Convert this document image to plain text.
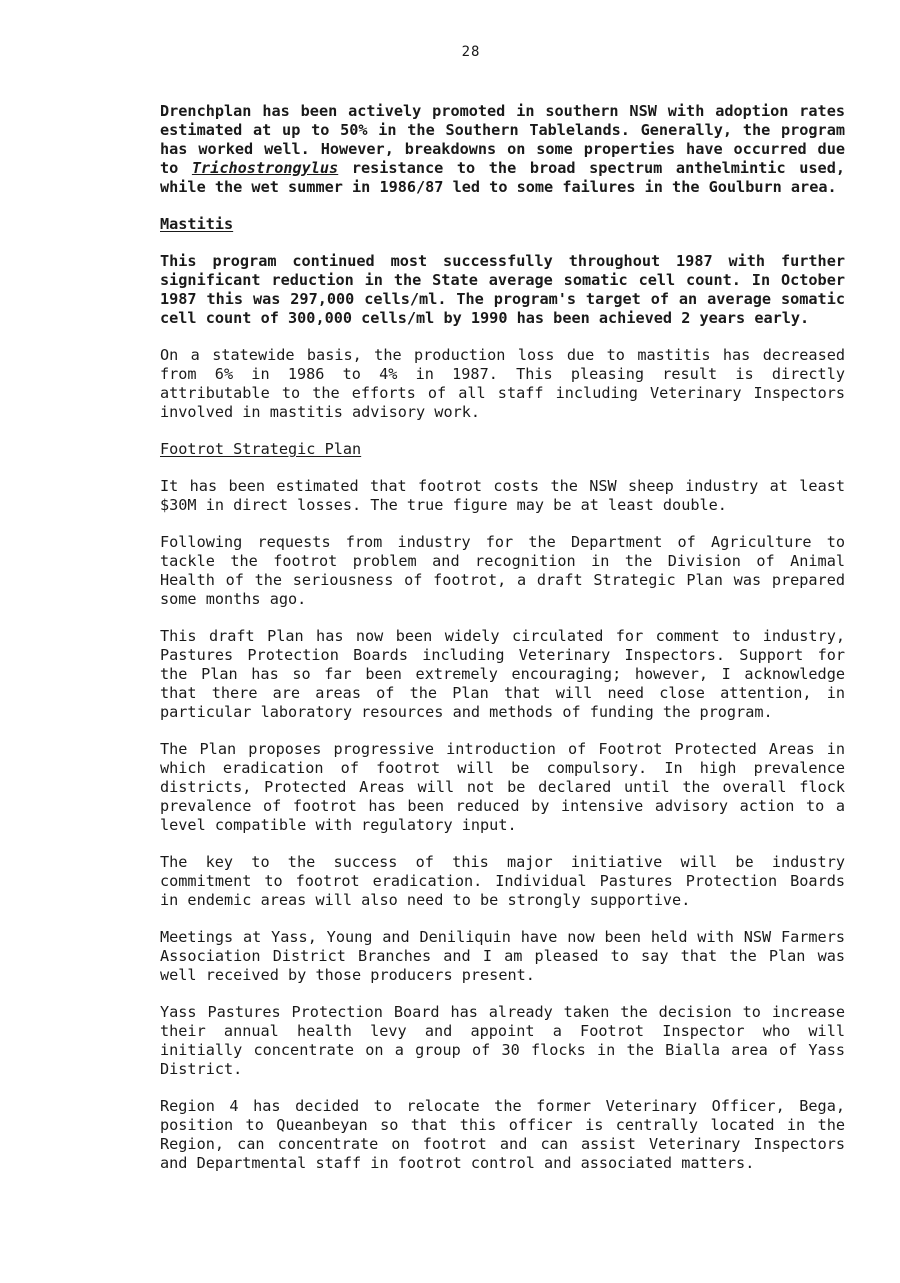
28

Drenchplan has been actively promoted in southern NSW with adoption rates estimated at up to 50% in the Southern Tablelands. Generally, the program has worked well. However, breakdowns on some properties have occurred due to Trichostrongylus resistance to the broad spectrum anthelmintic used, while the wet summer in 1986/87 led to some failures in the Goulburn area.

Mastitis

This program continued most successfully throughout 1987 with further significant reduction in the State average somatic cell count. In October 1987 this was 297,000 cells/ml. The program's target of an average somatic cell count of 300,000 cells/ml by 1990 has been achieved 2 years early.

On a statewide basis, the production loss due to mastitis has decreased from 6% in 1986 to 4% in 1987. This pleasing result is directly attributable to the efforts of all staff including Veterinary Inspectors involved in mastitis advisory work.

Footrot Strategic Plan

It has been estimated that footrot costs the NSW sheep industry at least $30M in direct losses. The true figure may be at least double.

Following requests from industry for the Department of Agriculture to tackle the footrot problem and recognition in the Division of Animal Health of the seriousness of footrot, a draft Strategic Plan was prepared some months ago.

This draft Plan has now been widely circulated for comment to industry, Pastures Protection Boards including Veterinary Inspectors. Support for the Plan has so far been extremely encouraging; however, I acknowledge that there are areas of the Plan that will need close attention, in particular laboratory resources and methods of funding the program.

The Plan proposes progressive introduction of Footrot Protected Areas in which eradication of footrot will be compulsory. In high prevalence districts, Protected Areas will not be declared until the overall flock prevalence of footrot has been reduced by intensive advisory action to a level compatible with regulatory input.

The key to the success of this major initiative will be industry commitment to footrot eradication. Individual Pastures Protection Boards in endemic areas will also need to be strongly supportive.

Meetings at Yass, Young and Deniliquin have now been held with NSW Farmers Association District Branches and I am pleased to say that the Plan was well received by those producers present.

Yass Pastures Protection Board has already taken the decision to increase their annual health levy and appoint a Footrot Inspector who will initially concentrate on a group of 30 flocks in the Bialla area of Yass District.

Region 4 has decided to relocate the former Veterinary Officer, Bega, position to Queanbeyan so that this officer is centrally located in the Region, can concentrate on footrot and can assist Veterinary Inspectors and Departmental staff in footrot control and associated matters.
